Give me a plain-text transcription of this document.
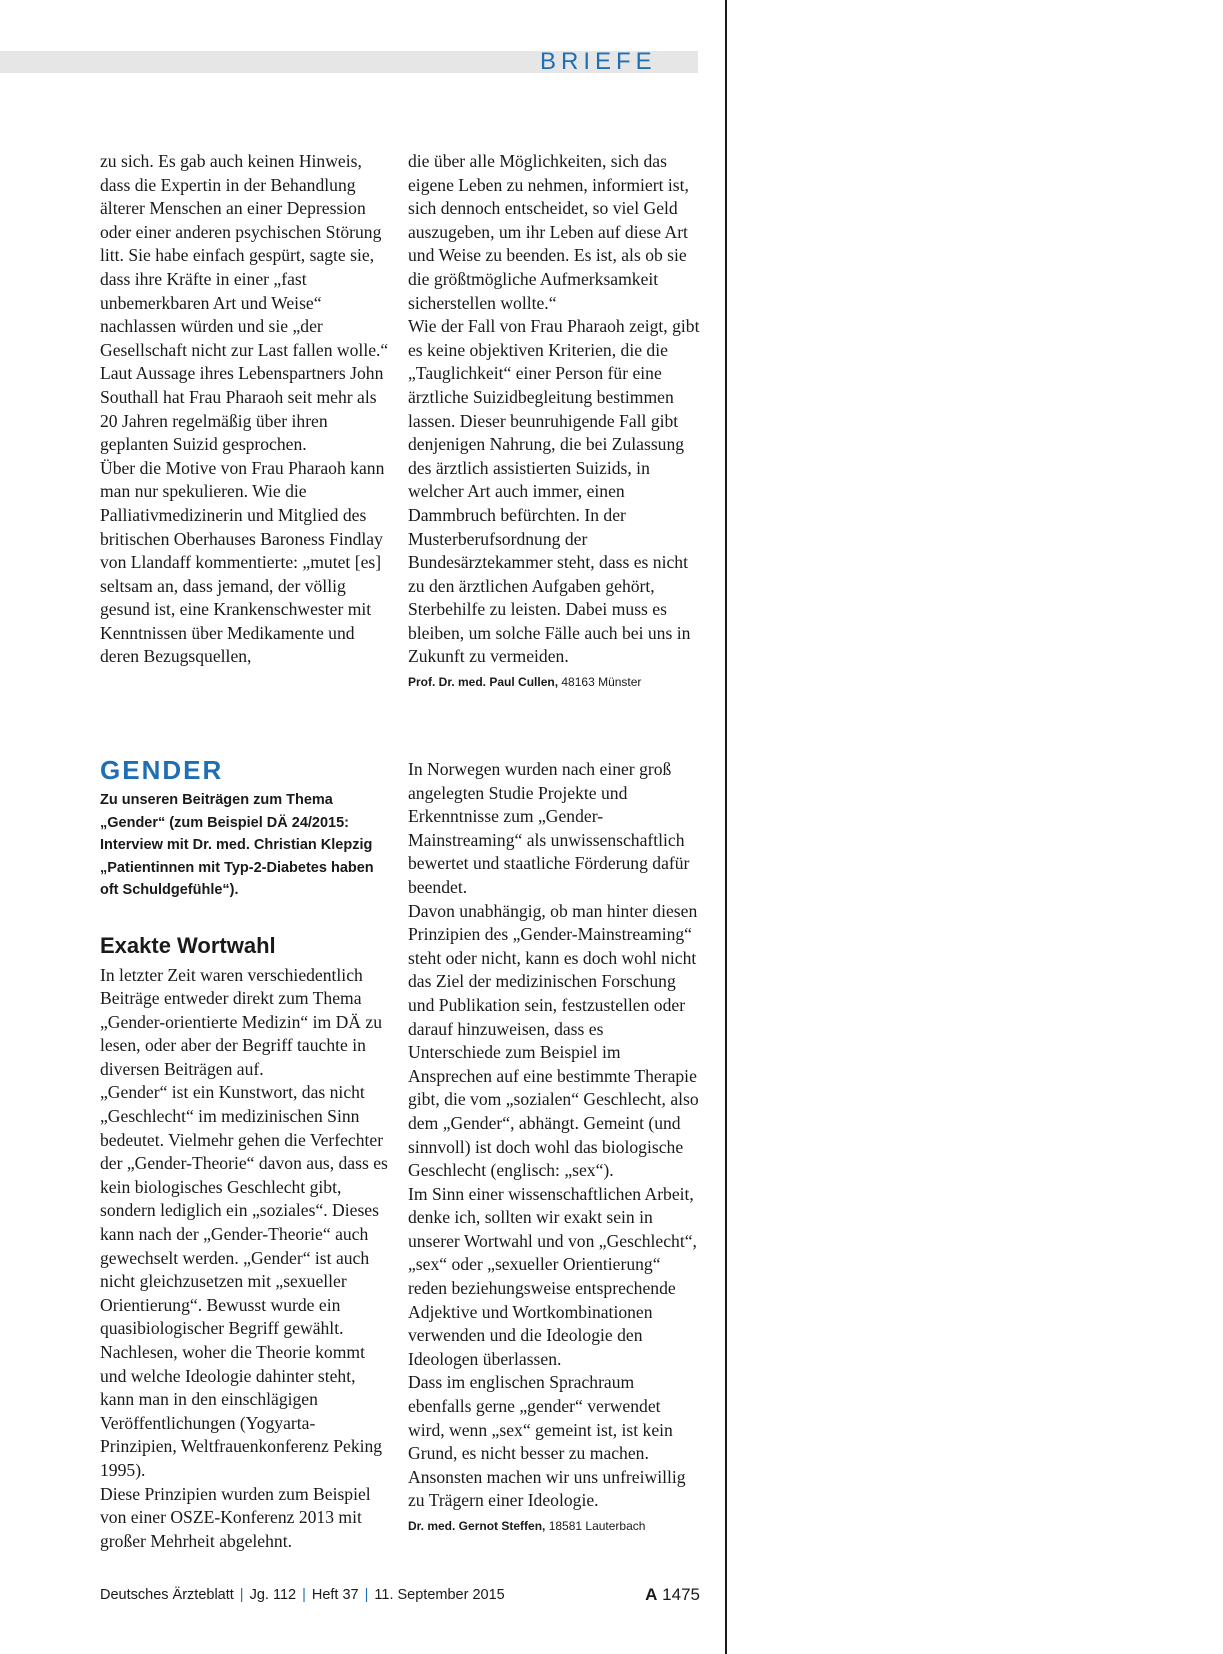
BRIEFE

zu sich. Es gab auch keinen Hinweis, dass die Expertin in der Behandlung älterer Menschen an einer Depression oder einer anderen psychischen Störung litt. Sie habe einfach gespürt, sagte sie, dass ihre Kräfte in einer „fast unbemerkbaren Art und Weise“ nachlassen würden und sie „der Gesellschaft nicht zur Last fallen wolle.“ Laut Aussage ihres Lebenspartners John Southall hat Frau Pharaoh seit mehr als 20 Jahren regelmäßig über ihren geplanten Suizid gesprochen.

Über die Motive von Frau Pharaoh kann man nur spekulieren. Wie die Palliativmedizinerin und Mitglied des britischen Oberhauses Baroness Findlay von Llandaff kommentierte: „mutet [es] seltsam an, dass jemand, der völlig gesund ist, eine Krankenschwester mit Kenntnissen über Medikamente und deren Bezugsquellen,

die über alle Möglichkeiten, sich das eigene Leben zu nehmen, informiert ist, sich dennoch entscheidet, so viel Geld auszugeben, um ihr Leben auf diese Art und Weise zu beenden. Es ist, als ob sie die größtmögliche Aufmerksamkeit sicherstellen wollte.“

Wie der Fall von Frau Pharaoh zeigt, gibt es keine objektiven Kriterien, die die „Tauglichkeit“ einer Person für eine ärztliche Suizidbegleitung bestimmen lassen. Dieser beunruhigende Fall gibt denjenigen Nahrung, die bei Zulassung des ärztlich assistierten Suizids, in welcher Art auch immer, einen Dammbruch befürchten. In der Musterberufsordnung der Bundesärztekammer steht, dass es nicht zu den ärztlichen Aufgaben gehört, Sterbehilfe zu leisten. Dabei muss es bleiben, um solche Fälle auch bei uns in Zukunft zu vermeiden.

Prof. Dr. med. Paul Cullen, 48163 Münster
GENDER

Zu unseren Beiträgen zum Thema „Gender“ (zum Beispiel DÄ 24/2015: Interview mit Dr. med. Christian Klepzig „Patientinnen mit Typ-2-Diabetes haben oft Schuldgefühle“).

Exakte Wortwahl

In letzter Zeit waren verschiedentlich Beiträge entweder direkt zum Thema „Gender-orientierte Medizin“ im DÄ zu lesen, oder aber der Begriff tauchte in diversen Beiträgen auf.

„Gender“ ist ein Kunstwort, das nicht „Geschlecht“ im medizinischen Sinn bedeutet. Vielmehr gehen die Verfechter der „Gender-Theorie“ davon aus, dass es kein biologisches Geschlecht gibt, sondern lediglich ein „soziales“. Dieses kann nach der „Gender-Theorie“ auch gewechselt werden. „Gender“ ist auch nicht gleichzusetzen mit „sexueller Orientierung“. Bewusst wurde ein quasibiologischer Begriff gewählt. Nachlesen, woher die Theorie kommt und welche Ideologie dahinter steht, kann man in den einschlägigen Veröffentlichungen (Yogyarta-Prinzipien, Weltfrauenkonferenz Peking 1995).

Diese Prinzipien wurden zum Beispiel von einer OSZE-Konferenz 2013 mit großer Mehrheit abgelehnt.

In Norwegen wurden nach einer groß angelegten Studie Projekte und Erkenntnisse zum „Gender-Mainstreaming“ als unwissenschaftlich bewertet und staatliche Förderung dafür beendet.

Davon unabhängig, ob man hinter diesen Prinzipien des „Gender-Mainstreaming“ steht oder nicht, kann es doch wohl nicht das Ziel der medizinischen Forschung und Publikation sein, festzustellen oder darauf hinzuweisen, dass es Unterschiede zum Beispiel im Ansprechen auf eine bestimmte Therapie gibt, die vom „sozialen“ Geschlecht, also dem „Gender“, abhängt. Gemeint (und sinnvoll) ist doch wohl das biologische Geschlecht (englisch: „sex“).

Im Sinn einer wissenschaftlichen Arbeit, denke ich, sollten wir exakt sein in unserer Wortwahl und von „Geschlecht“, „sex“ oder „sexueller Orientierung“ reden beziehungsweise entsprechende Adjektive und Wortkombinationen verwenden und die Ideologie den Ideologen überlassen.

Dass im englischen Sprachraum ebenfalls gerne „gender“ verwendet wird, wenn „sex“ gemeint ist, ist kein Grund, es nicht besser zu machen. Ansonsten machen wir uns unfreiwillig zu Trägern einer Ideologie.

Dr. med. Gernot Steffen, 18581 Lauterbach
Deutsches Ärzteblatt | Jg. 112 | Heft 37 | 11. September 2015	A 1475
